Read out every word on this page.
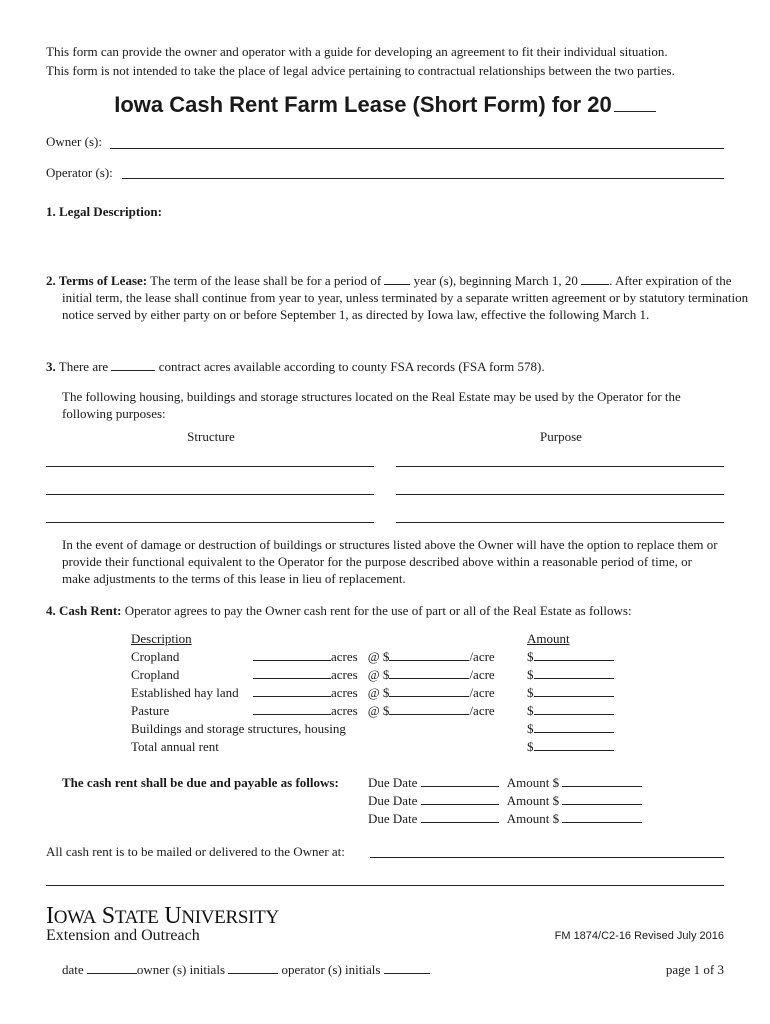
This form can provide the owner and operator with a guide for developing an agreement to fit their individual situation.
This form is not intended to take the place of legal advice pertaining to contractual relationships between the two parties.
Iowa Cash Rent Farm Lease (Short Form) for 20
Owner (s):
Operator (s):
1. Legal Description:
2. Terms of Lease: The term of the lease shall be for a period of	year (s), beginning March 1, 20 . After expiration of the initial term, the lease shall continue from year to year, unless terminated by a separate written agreement or by statutory termination notice served by either party on or before September 1, as directed by Iowa law, effective the following March 1.
3. There are	contract acres available according to county FSA records (FSA form 578).
The following housing, buildings and storage structures located on the Real Estate may be used by the Operator for the following purposes:
Structure	Purpose
In the event of damage or destruction of buildings or structures listed above the Owner will have the option to replace them or provide their functional equivalent to the Operator for the purpose described above within a reasonable period of time, or make adjustments to the terms of this lease in lieu of replacement.
4. Cash Rent: Operator agrees to pay the Owner cash rent for the use of part or all of the Real Estate as follows:
Description	Amount
Cropland	acres @ $	/acre $
Cropland	acres @ $	/acre $
Established hay land	acres @ $	/acre $
Pasture	acres @ $	/acre $
Buildings and storage structures, housing	$
Total annual rent	$
The cash rent shall be due and payable as follows: Due Date	Amount $
Due Date	Amount $
Due Date	Amount $
All cash rent is to be mailed or delivered to the Owner at:
IOWA STATE UNIVERSITY
Extension and Outreach	FM 1874/C2-16 Revised July 2016
date	owner (s) initials	operator (s) initials	page 1 of 3
